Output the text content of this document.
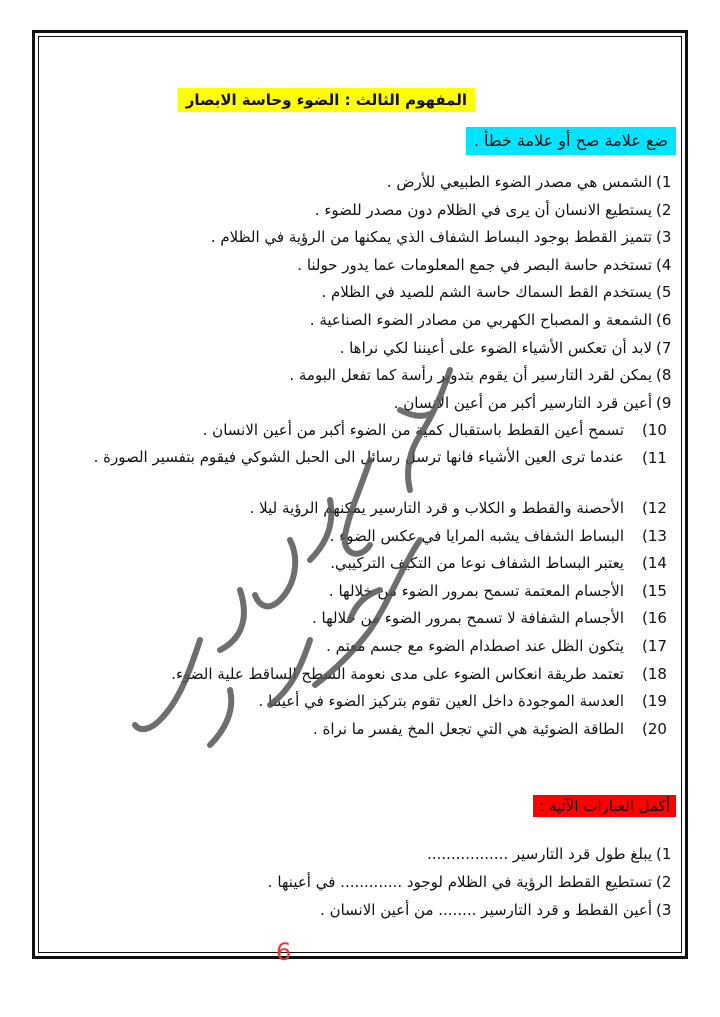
المفهوم الثالث : الضوء وحاسة الابصار
ضع علامة صح أو علامة خطأ .
1)
الشمس هي مصدر الضوء الطبيعي للأرض .
2)
يستطيع الانسان أن يرى في الظلام دون مصدر للضوء .
3)
تتميز القطط بوجود البساط الشفاف الذي يمكنها من الرؤية في الظلام .
4)
تستخدم حاسة البصر في جمع المعلومات عما يدور حولنا .
5)
يستخدم القط السماك حاسة الشم للصيد في الظلام .
6)
الشمعة و المصباح الكهربي من مصادر الضوء الصناعية .
7)
لابد أن تعكس الأشياء الضوء على أعيننا لكي نراها .
8)
يمكن لقرد التارسير أن يقوم بتدوير رأسة كما تفعل البومة .
9)
أعين قرد التارسير أكبر من أعين الانسان .
10)
تسمح أعين القطط باستقبال كمية من الضوء أكبر من أعين الانسان .
11)
عندما ترى العين الأشياء فانها ترسل رسائل الى الحبل الشوكي فيقوم بتفسير الصورة .
12)
الأحصنة والقطط و الكلاب و قرد التارسير يمكنهم الرؤية ليلا .
13)
البساط الشفاف يشبه المرايا في عكس الضوء .
14)
يعتبر البساط الشفاف نوعا من التكيف التركيبي.
15)
الأجسام المعتمة تسمح بمرور الضوء من خلالها .
16)
الأجسام الشفافة لا تسمح بمرور الضوء من خلالها .
17)
يتكون الظل عند اصطدام الضوء مع جسم معتم .
18)
تعتمد طريقة انعكاس الضوء على مدى نعومة السطح الساقط علية الضوء.
19)
العدسة الموجودة داخل العين تقوم بتركيز الضوء في أعيننا .
20)
الطاقة الضوئية هي التي تجعل المخ يفسر ما نراة .
أكمل العبارات الآتية :
1)
يبلغ طول قرد التارسير .................
2)
تستطيع القطط الرؤية في الظلام لوجود ............. في أعينها .
3)
أعين القطط و قرد التارسير ........ من أعين الانسان .
6
